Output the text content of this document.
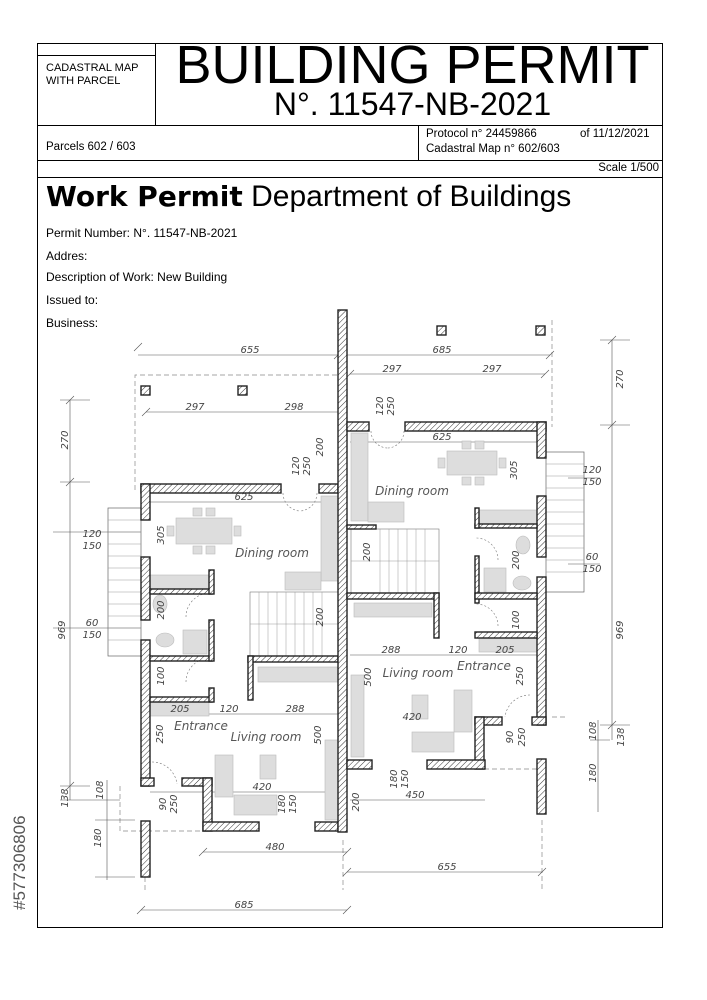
CADASTRAL MAP
WITH PARCEL	BUILDING PERMIT
N°. 11547-NB-2021
Parcels 602 / 603
Protocol n° 24459866	of 11/12/2021
Cadastral Map n° 602/603
Scale 1/500
Work Permit Department of Buildings
Permit Number: N°. 11547-NB-2021
Addres:
Description of Work: New Building
Issued to:
Business:
#577306806
Dining room
Dining room
Living room
Living room
Entrance
Entrance
655	685
297	297
297	298
625
625
120
150
120
150
60
150
60
150
288	120	205
205	120	288
420
420
450
480
655
685
120 250
120 250
200
270
270
305
305
200
200
200
200
100
100
969	969
250
250
500
500
90 250
90 250
180 150
180 150
200
138 108
180
108 138
180
